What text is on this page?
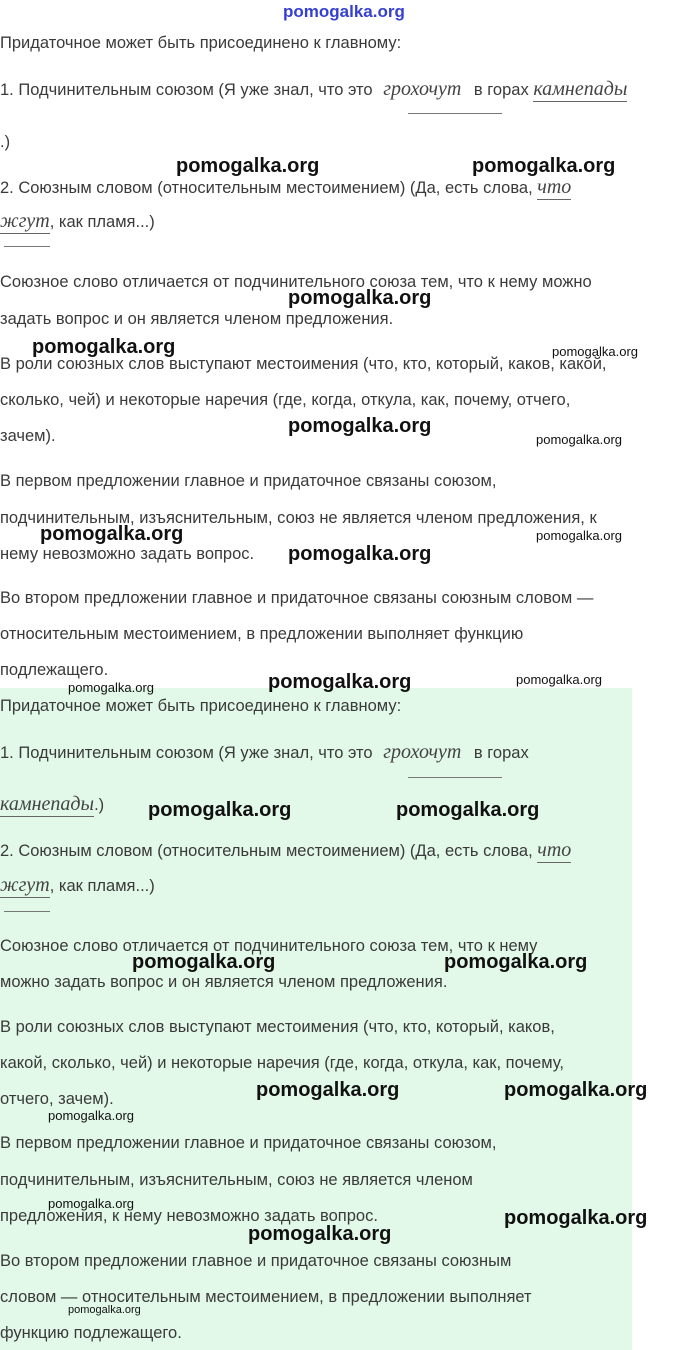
pomogalka.org
Придаточное может быть присоединено к главному:
1. Подчинительным союзом (Я уже знал, что это грохочут в горах камнепады
.)
2. Союзным словом (относительным местоимением) (Да, есть слова, что
жгут, как пламя...)
Союзное слово отличается от подчинительного союза тем, что к нему можно
задать вопрос и он является членом предложения.
В роли союзных слов выступают местоимения (что, кто, который, каков, какой,
сколько, чей) и некоторые наречия (где, когда, откула, как, почему, отчего,
зачем).
В первом предложении главное и придаточное связаны союзом,
подчинительным, изъяснительным, союз не является членом предложения, к
нему невозможно задать вопрос.
Во втором предложении главное и придаточное связаны союзным словом —
относительным местоимением, в предложении выполняет функцию
подлежащего.
Придаточное может быть присоединено к главному:
1. Подчинительным союзом (Я уже знал, что это грохочут в горах
камнепады.)
2. Союзным словом (относительным местоимением) (Да, есть слова, что
жгут, как пламя...)
Союзное слово отличается от подчинительного союза тем, что к нему
можно задать вопрос и он является членом предложения.
В роли союзных слов выступают местоимения (что, кто, который, каков,
какой, сколько, чей) и некоторые наречия (где, когда, откула, как, почему,
отчего, зачем).
В первом предложении главное и придаточное связаны союзом,
подчинительным, изъяснительным, союз не является членом
предложения, к нему невозможно задать вопрос.
Во втором предложении главное и придаточное связаны союзным
словом — относительным местоимением, в предложении выполняет
функцию подлежащего.
pomogalka.org	pomogalka.org
pomogalka.org
pomogalka.org	pomogalka.org
pomogalka.org
pomogalka.org
pomogalka.org	pomogalka.org
pomogalka.org
pomogalka.org	pomogalka.org	pomogalka.org
pomogalka.org	pomogalka.org
pomogalka.org	pomogalka.org
pomogalka.org	pomogalka.org
pomogalka.org
pomogalka.org
pomogalka.org
pomogalka.org
pomogalka.org
